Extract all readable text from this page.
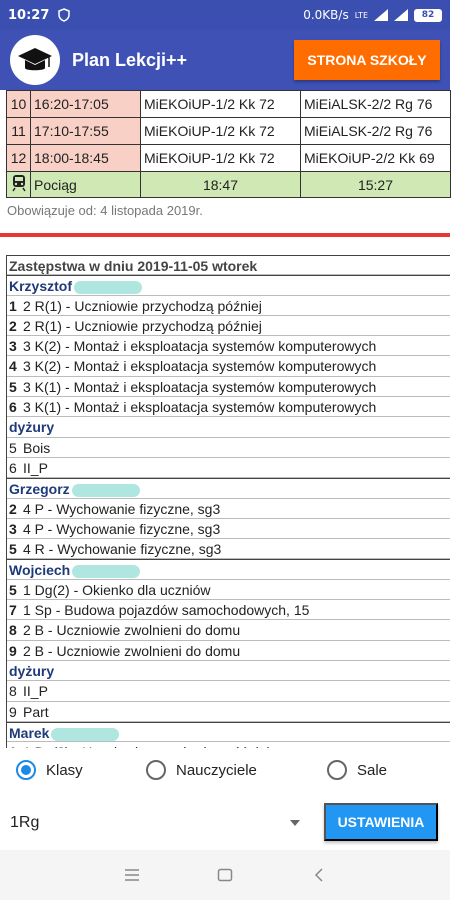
10:27	0.0KB/s LTE	82
Plan Lekcji++	STRONA SZKOŁY
10	16:20-17:05	MiEKOiUP-1/2 Kk 72	MiEiALSK-2/2 Rg 76
11	17:10-17:55	MiEKOiUP-1/2 Kk 72	MiEiALSK-2/2 Rg 76
12	18:00-18:45	MiEKOiUP-1/2 Kk 72	MiEKOiUP-2/2 Kk 69
	Pociąg	18:47	15:27
Obowiązuje od: 4 listopada 2019r.
Zastępstwa w dniu 2019-11-05 wtorek
Krzysztof
1 2 R(1) - Uczniowie przychodzą później
2 2 R(1) - Uczniowie przychodzą później
3 3 K(2) - Montaż i eksploatacja systemów komputerowych
4 3 K(2) - Montaż i eksploatacja systemów komputerowych
5 3 K(1) - Montaż i eksploatacja systemów komputerowych
6 3 K(1) - Montaż i eksploatacja systemów komputerowych
dyżury
5 Bois
6 II_P
Grzegorz
2 4 P - Wychowanie fizyczne, sg3
3 4 P - Wychowanie fizyczne, sg3
5 4 R - Wychowanie fizyczne, sg3
Wojciech
5 1 Dg(2) - Okienko dla uczniów
7 1 Sp - Budowa pojazdów samochodowych, 15
8 2 B - Uczniowie zwolnieni do domu
9 2 B - Uczniowie zwolnieni do domu
dyżury
8 II_P
9 Part
Marek
Klasy	Nauczyciele	Sale
1Rg	USTAWIENIA
